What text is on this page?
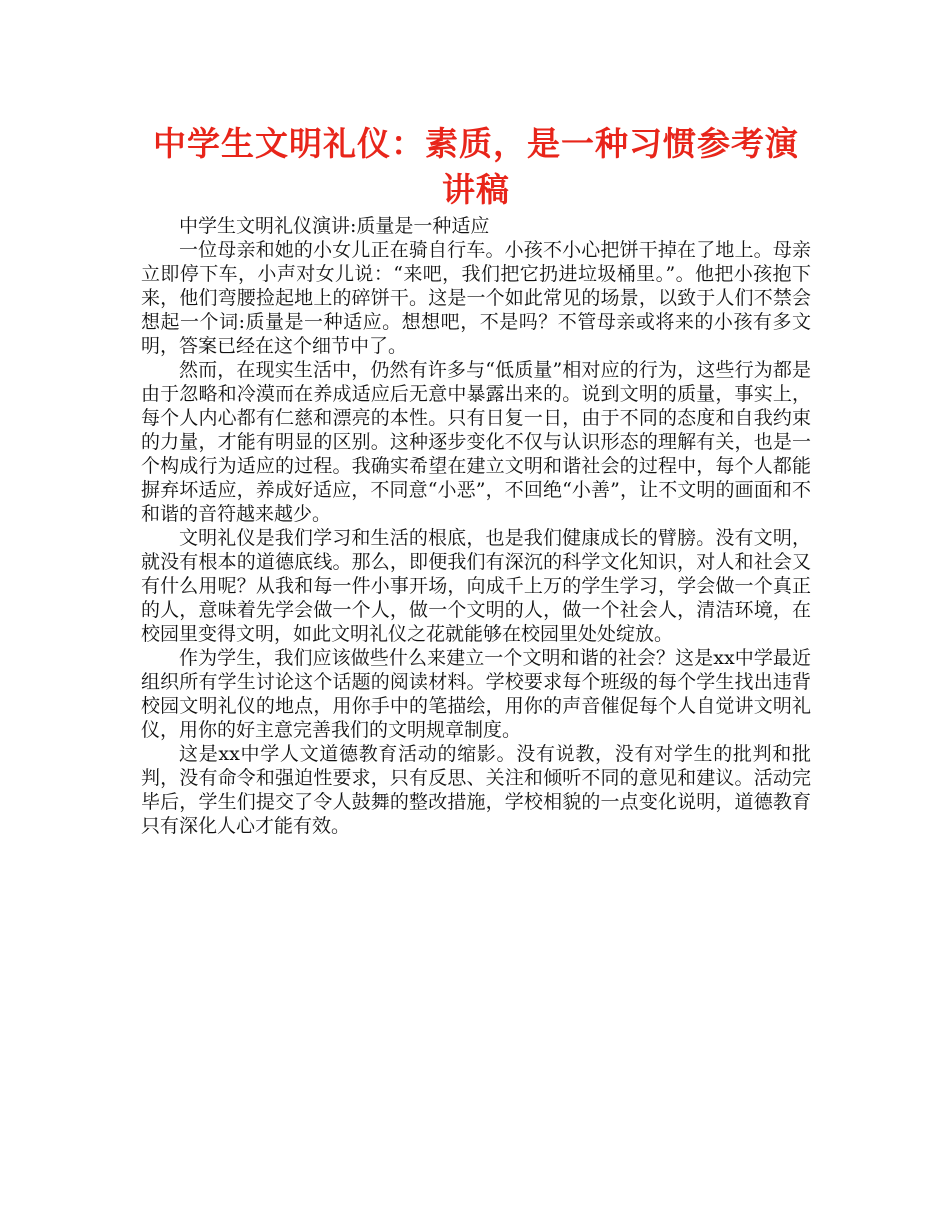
中学生文明礼仪：素质，是一种习惯参考演讲稿

中学生文明礼仪演讲:质量是一种适应

一位母亲和她的小女儿正在骑自行车。小孩不小心把饼干掉在了地上。母亲立即停下车，小声对女儿说：“来吧，我们把它扔进垃圾桶里。”。他把小孩抱下来，他们弯腰捡起地上的碎饼干。这是一个如此常见的场景，以致于人们不禁会想起一个词:质量是一种适应。想想吧，不是吗？不管母亲或将来的小孩有多文明，答案已经在这个细节中了。

然而，在现实生活中，仍然有许多与“低质量”相对应的行为，这些行为都是由于忽略和冷漠而在养成适应后无意中暴露出来的。说到文明的质量，事实上，每个人内心都有仁慈和漂亮的本性。只有日复一日，由于不同的态度和自我约束的力量，才能有明显的区别。这种逐步变化不仅与认识形态的理解有关，也是一个构成行为适应的过程。我确实希望在建立文明和谐社会的过程中，每个人都能摒弃坏适应，养成好适应，不同意“小恶”，不回绝“小善”，让不文明的画面和不和谐的音符越来越少。

文明礼仪是我们学习和生活的根底，也是我们健康成长的臂膀。没有文明，就没有根本的道德底线。那么，即便我们有深沉的科学文化知识，对人和社会又有什么用呢？从我和每一件小事开场，向成千上万的学生学习，学会做一个真正的人，意味着先学会做一个人，做一个文明的人，做一个社会人，清洁环境，在校园里变得文明，如此文明礼仪之花就能够在校园里处处绽放。

作为学生，我们应该做些什么来建立一个文明和谐的社会？这是xx中学最近组织所有学生讨论这个话题的阅读材料。学校要求每个班级的每个学生找出违背校园文明礼仪的地点，用你手中的笔描绘，用你的声音催促每个人自觉讲文明礼仪，用你的好主意完善我们的文明规章制度。

这是xx中学人文道德教育活动的缩影。没有说教，没有对学生的批判和批判，没有命令和强迫性要求，只有反思、关注和倾听不同的意见和建议。活动完毕后，学生们提交了令人鼓舞的整改措施，学校相貌的一点变化说明，道德教育只有深化人心才能有效。
